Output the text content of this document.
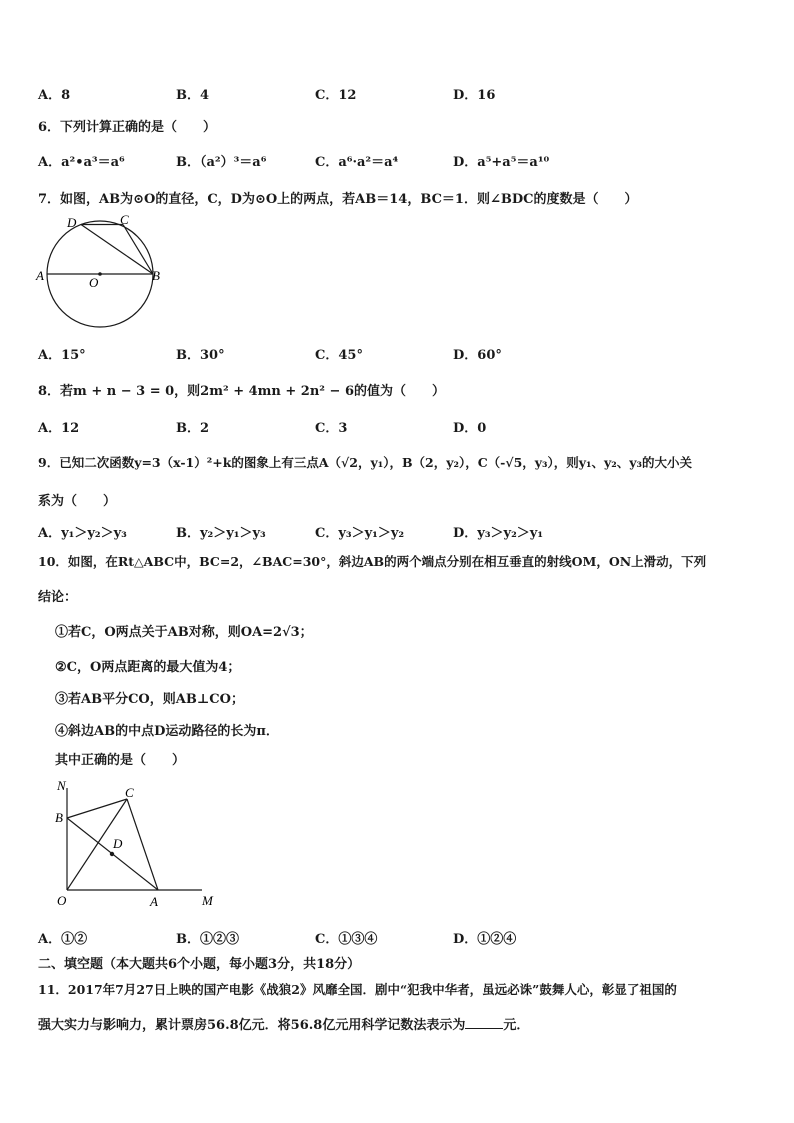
A．8	B．4	C．12	D．16
6．下列计算正确的是（　　）
A．a²•a³＝a⁶	B．（a²）³＝a⁶	C．a⁶·a²＝a⁴	D．a⁵+a⁵＝a¹⁰
7．如图，AB为⊙O的直径，C，D为⊙O上的两点，若AB＝14，BC＝1．则∠BDC的度数是（　　）
D	C
A	O	B
A．15°	B．30°	C．45°	D．60°
8．若m + n − 3 = 0，则2m² + 4mn + 2n² − 6的值为（　　）
A．12	B．2	C．3	D．0
9．已知二次函数y=3（x-1）²+k的图象上有三点A（√2，y₁），B（2，y₂），C（-√5，y₃），则y₁、y₂、y₃的大小关
系为（　　）
A．y₁＞y₂＞y₃	B．y₂＞y₁＞y₃	C．y₃＞y₁＞y₂	D．y₃＞y₂＞y₁
10．如图，在Rt△ABC中，BC=2，∠BAC=30°，斜边AB的两个端点分别在相互垂直的射线OM，ON上滑动，下列
结论：
①若C，O两点关于AB对称，则OA=2√3；
②C，O两点距离的最大值为4；
③若AB平分CO，则AB⊥CO；
④斜边AB的中点D运动路径的长为π．
其中正确的是（　　）
N	C
B
D
O	A	M
A．①②	B．①②③	C．①③④	D．①②④
二、填空题（本大题共6个小题，每小题3分，共18分）
11．2017年7月27日上映的国产电影《战狼2》风靡全国．剧中“犯我中华者，虽远必诛”鼓舞人心，彰显了祖国的
强大实力与影响力，累计票房56.8亿元．将56.8亿元用科学记数法表示为	元．
